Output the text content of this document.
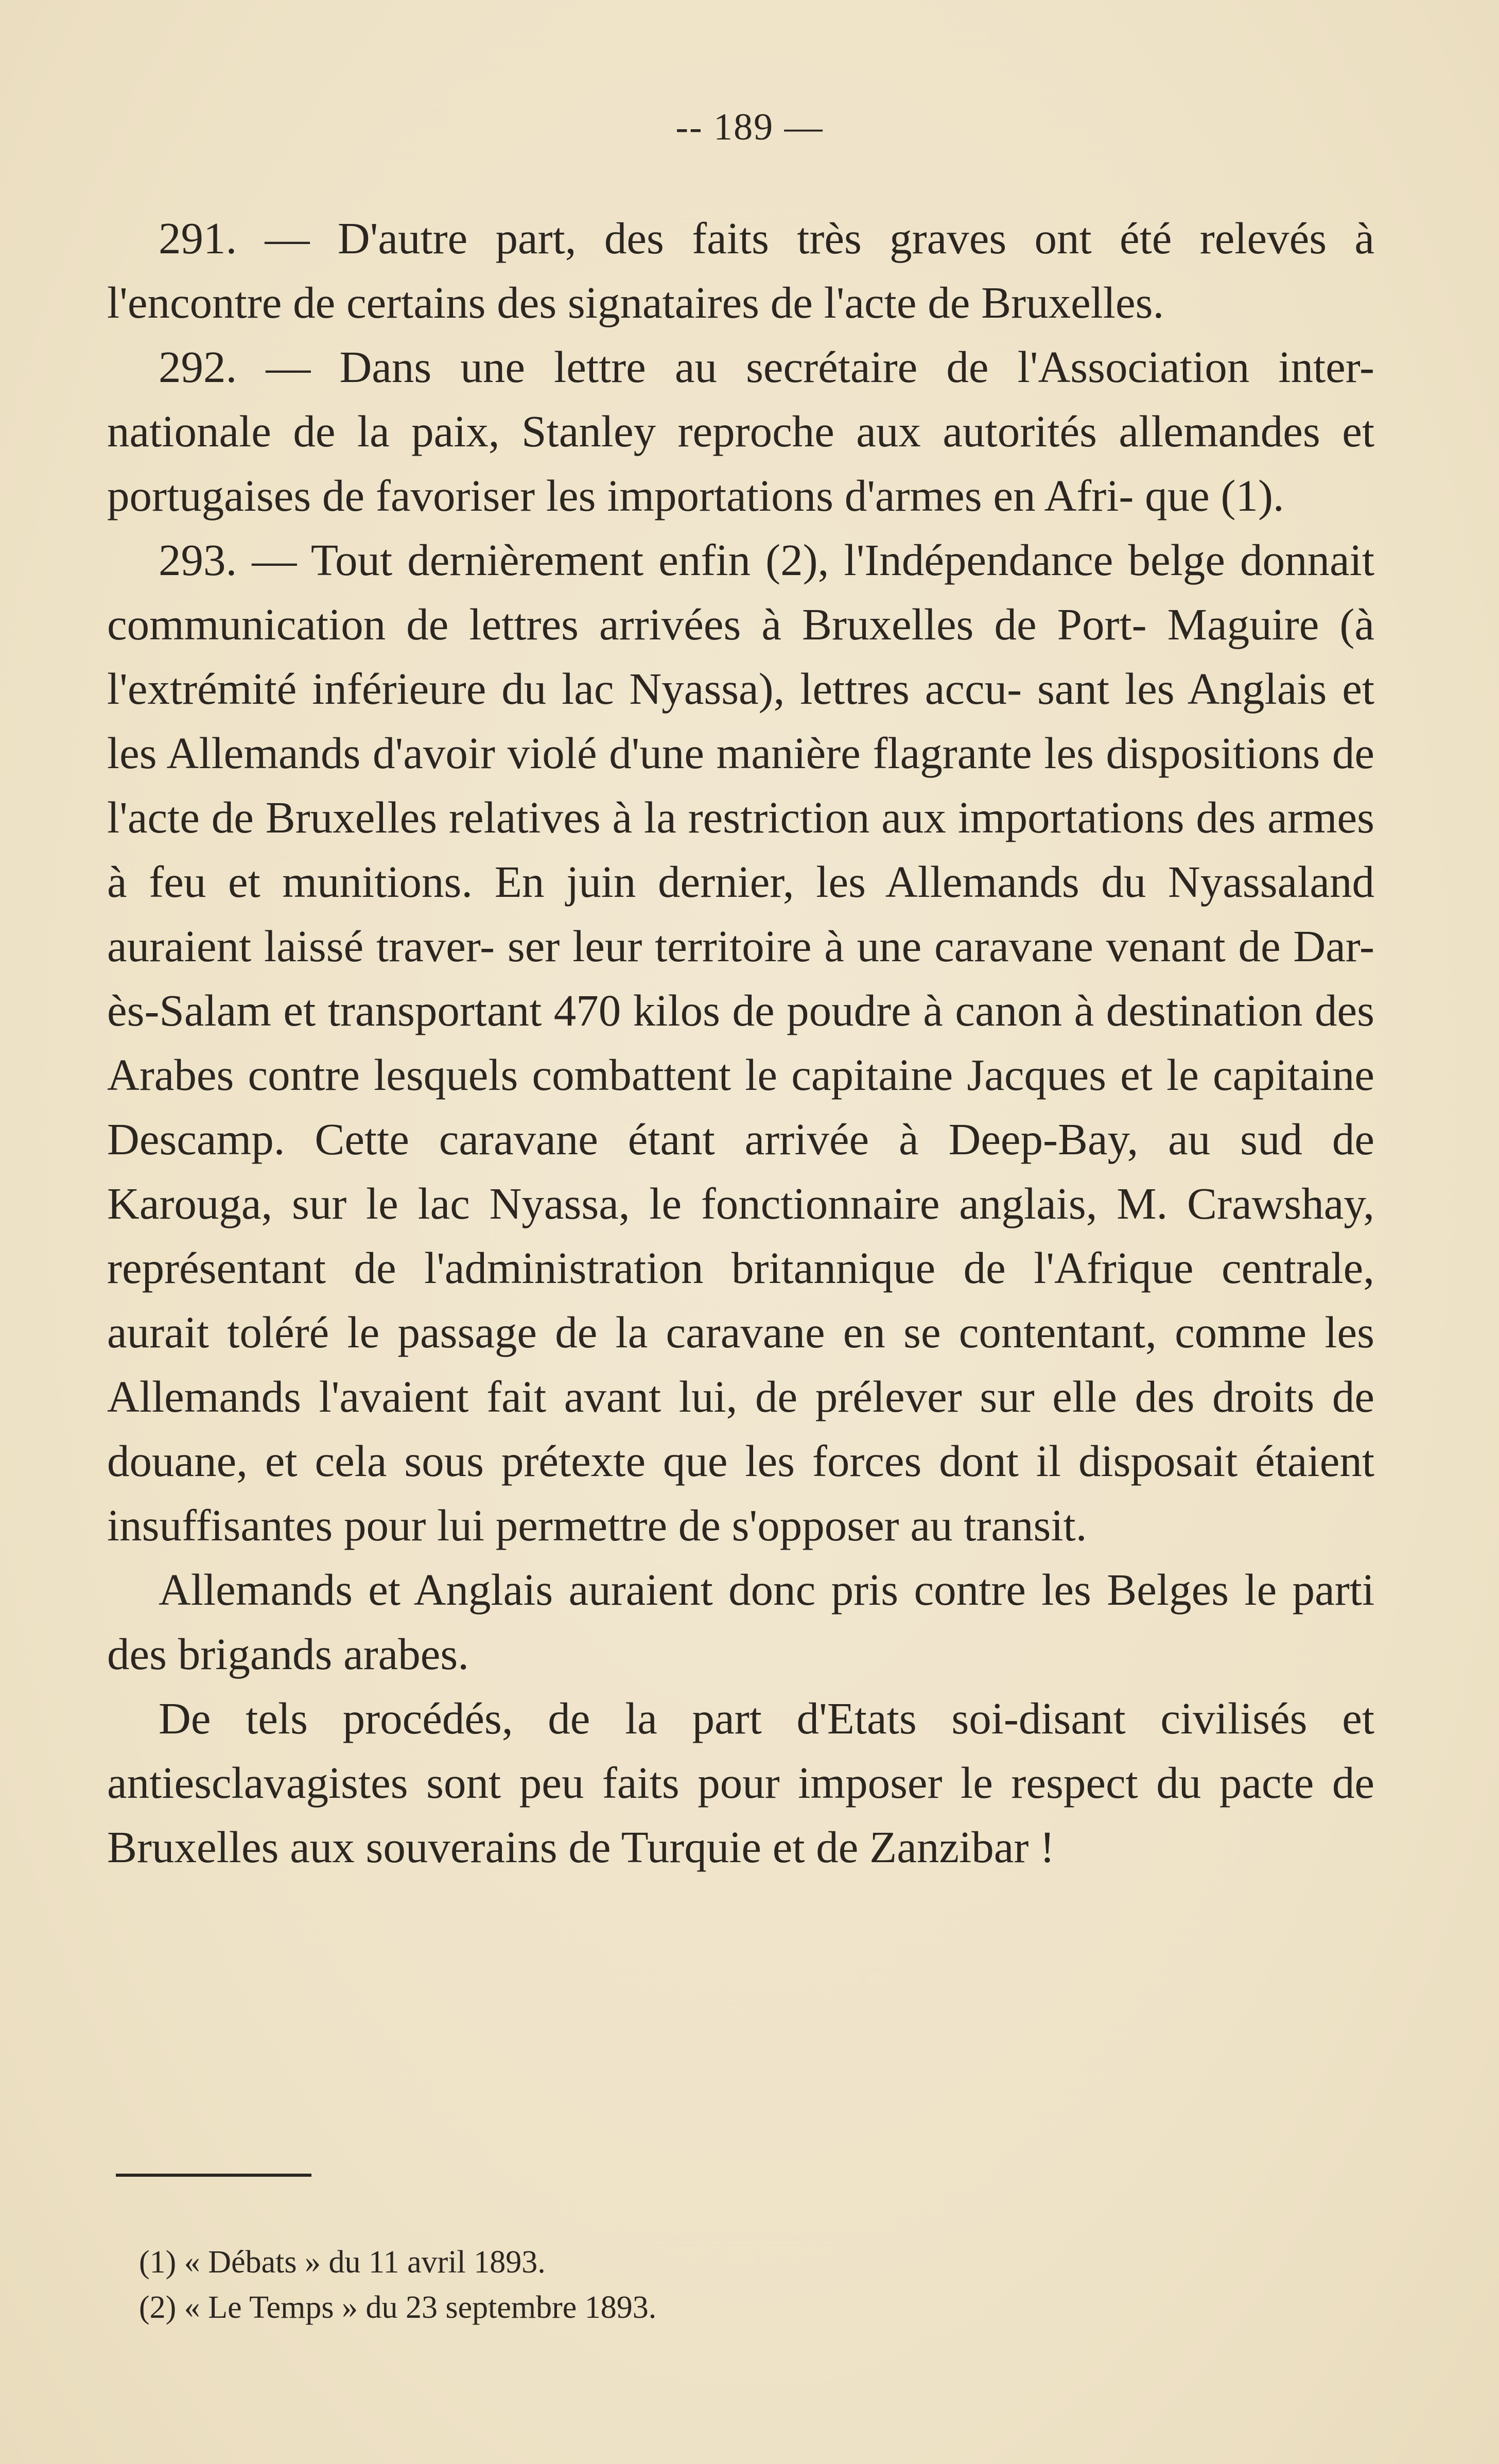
-- 189 —

291. — D'autre part, des faits très graves ont été relevés à l'encontre de certains des signataires de l'acte de Bruxelles.

292. — Dans une lettre au secrétaire de l'Association inter- nationale de la paix, Stanley reproche aux autorités allemandes et portugaises de favoriser les importations d'armes en Afri- que (1).

293. — Tout dernièrement enfin (2), l'Indépendance belge donnait communication de lettres arrivées à Bruxelles de Port- Maguire (à l'extrémité inférieure du lac Nyassa), lettres accu- sant les Anglais et les Allemands d'avoir violé d'une manière flagrante les dispositions de l'acte de Bruxelles relatives à la restriction aux importations des armes à feu et munitions. En juin dernier, les Allemands du Nyassaland auraient laissé traver- ser leur territoire à une caravane venant de Dar-ès-Salam et transportant 470 kilos de poudre à canon à destination des Arabes contre lesquels combattent le capitaine Jacques et le capitaine Descamp. Cette caravane étant arrivée à Deep-Bay, au sud de Karouga, sur le lac Nyassa, le fonctionnaire anglais, M. Crawshay, représentant de l'administration britannique de l'Afrique centrale, aurait toléré le passage de la caravane en se contentant, comme les Allemands l'avaient fait avant lui, de prélever sur elle des droits de douane, et cela sous prétexte que les forces dont il disposait étaient insuffisantes pour lui permettre de s'opposer au transit.

Allemands et Anglais auraient donc pris contre les Belges le parti des brigands arabes.

De tels procédés, de la part d'Etats soi-disant civilisés et antiesclavagistes sont peu faits pour imposer le respect du pacte de Bruxelles aux souverains de Turquie et de Zanzibar !

(1) « Débats » du 11 avril 1893.
(2) « Le Temps » du 23 septembre 1893.
